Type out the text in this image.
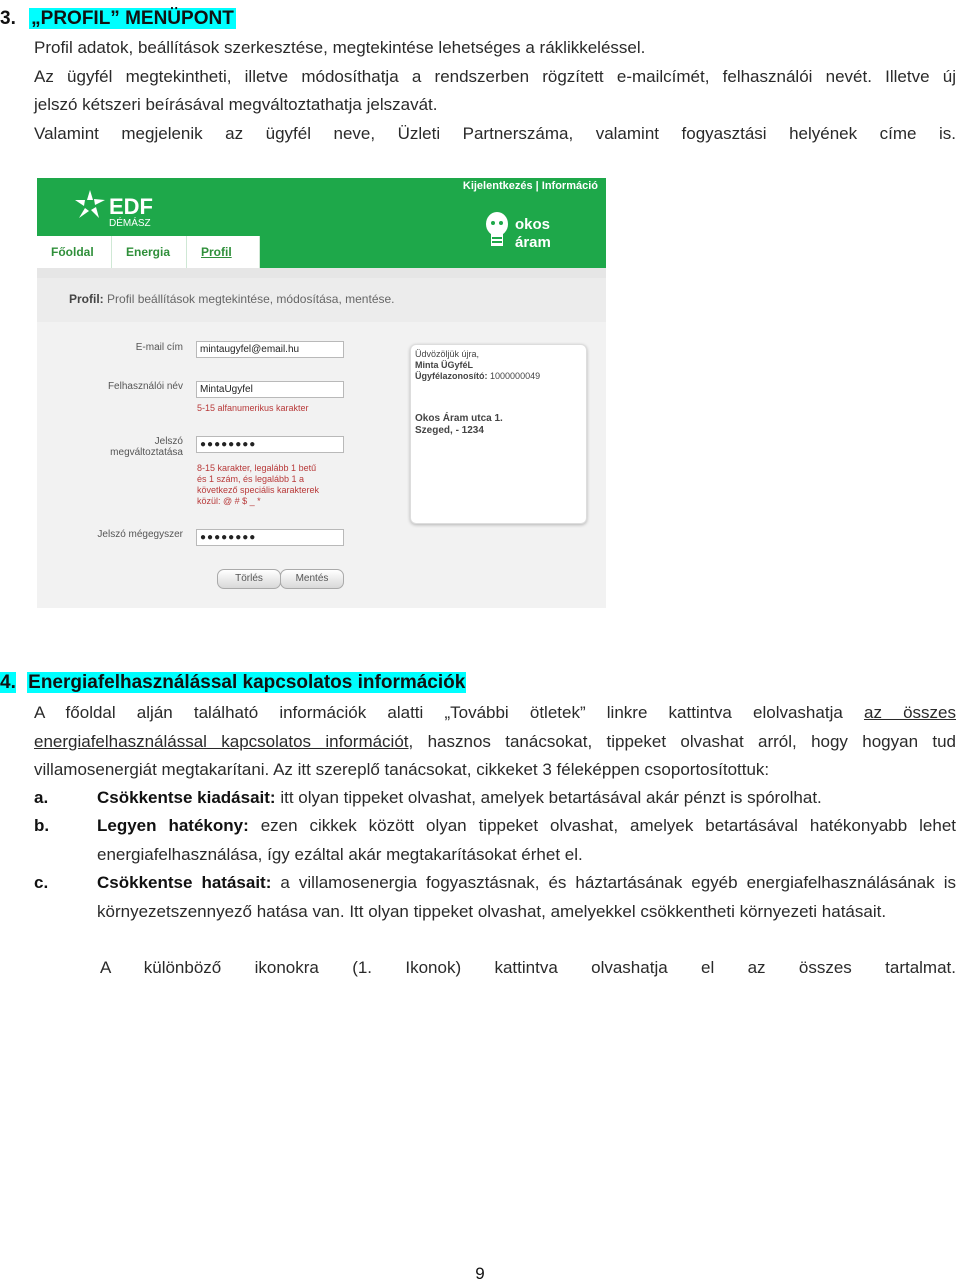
3. „PROFIL” MENÜPONT
Profil adatok, beállítások szerkesztése, megtekintése lehetséges a ráklikkeléssel.
Az ügyfél megtekintheti, illetve módosíthatja a rendszerben rögzített e-mailcímét, felhasználói nevét. Illetve új
jelszó kétszeri beírásával megváltoztathatja jelszavát.
Valamint megjelenik az ügyfél neve, Üzleti Partnerszáma, valamint fogyasztási helyének címe is.
Kijelentkezés | Információ
EDF
DÉMÁSZ	okos
áram
Főoldal	Energia	Profil
Profil: Profil beállítások megtekintése, módosítása, mentése.
E-mail cím	mintaugyfel@email.hu
Felhasználói név	MintaUgyfel
5-15 alfanumerikus karakter
Jelszó
megváltoztatása
●●●●●●●●
8-15 karakter, legalább 1 betű
és 1 szám, és legalább 1 a
következő speciális karakterek
közül: @ # $ _ *
Jelszó mégegyszer	●●●●●●●●
Törlés	Mentés
Üdvözöljük újra,
Minta ÜGyféL
Ügyfélazonosító: 1000000049
Okos Áram utca 1.
Szeged, - 1234
4. Energiafelhasználással kapcsolatos információk
A főoldal alján található információk alatti „További ötletek” linkre kattintva elolvashatja az összes
energiafelhasználással kapcsolatos információt, hasznos tanácsokat, tippeket olvashat arról, hogy hogyan tud
villamosenergiát megtakarítani. Az itt szereplő tanácsokat, cikkeket 3 féleképpen csoportosítottuk:
a.	Csökkentse kiadásait: itt olyan tippeket olvashat, amelyek betartásával akár pénzt is spórolhat.
b.	Legyen hatékony: ezen cikkek között olyan tippeket olvashat, amelyek betartásával hatékonyabb lehet energiafelhasználása, így ezáltal akár megtakarításokat érhet el.
c.	Csökkentse hatásait: a villamosenergia fogyasztásnak, és háztartásának egyéb energiafelhasználásának is környezetszennyező hatása van. Itt olyan tippeket olvashat, amelyekkel csökkentheti környezeti hatásait.
A különböző ikonokra (1. Ikonok) kattintva olvashatja el az összes tartalmat.
9
